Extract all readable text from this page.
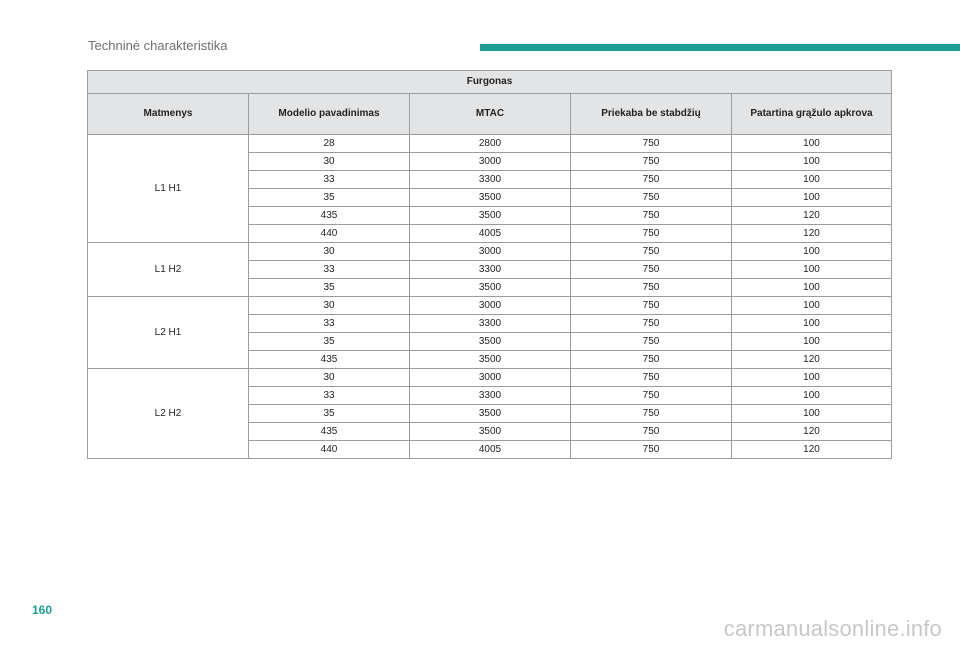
Techninė charakteristika
Furgonas				
Matmenys	Modelio pavadinimas	MTAC	Priekaba be stabdžių	Patartina grąžulo apkrova
L1 H1	28	2800	750	100
	30	3000	750	100
	33	3300	750	100
	35	3500	750	100
	435	3500	750	120
	440	4005	750	120
L1 H2	30	3000	750	100
	33	3300	750	100
	35	3500	750	100
L2 H1	30	3000	750	100
	33	3300	750	100
	35	3500	750	100
	435	3500	750	120
L2 H2	30	3000	750	100
	33	3300	750	100
	35	3500	750	100
	435	3500	750	120
	440	4005	750	120
160
carmanualsonline.info
